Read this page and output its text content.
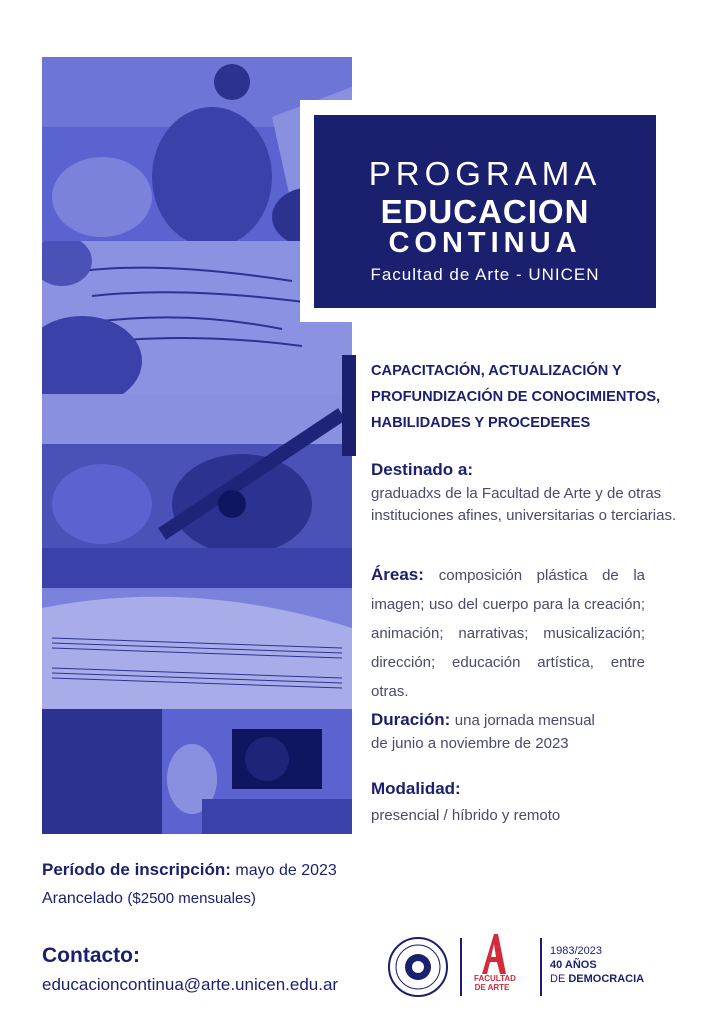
PROGRAMA
EDUCACION
CONTINUA
Facultad de Arte - UNICEN
CAPACITACIÓN, ACTUALIZACIÓN Y PROFUNDIZACIÓN DE CONOCIMIENTOS, HABILIDADES Y PROCEDERES
Destinado a:
graduadxs de la Facultad de Arte y de otras instituciones afines, universitarias o terciarias.
Áreas: composición plástica de la imagen; uso del cuerpo para la creación; animación; narrativas; musicalización; dirección; educación artística, entre otras.
Duración: una jornada mensual
de junio a noviembre de 2023
Modalidad:
presencial / híbrido y remoto
Período de inscripción: mayo de 2023
Arancelado ($2500 mensuales)
Contacto:
educacioncontinua@arte.unicen.edu.ar	FACULTAD
DE ARTE
1983/2023
40 AÑOS
DE DEMOCRACIA
